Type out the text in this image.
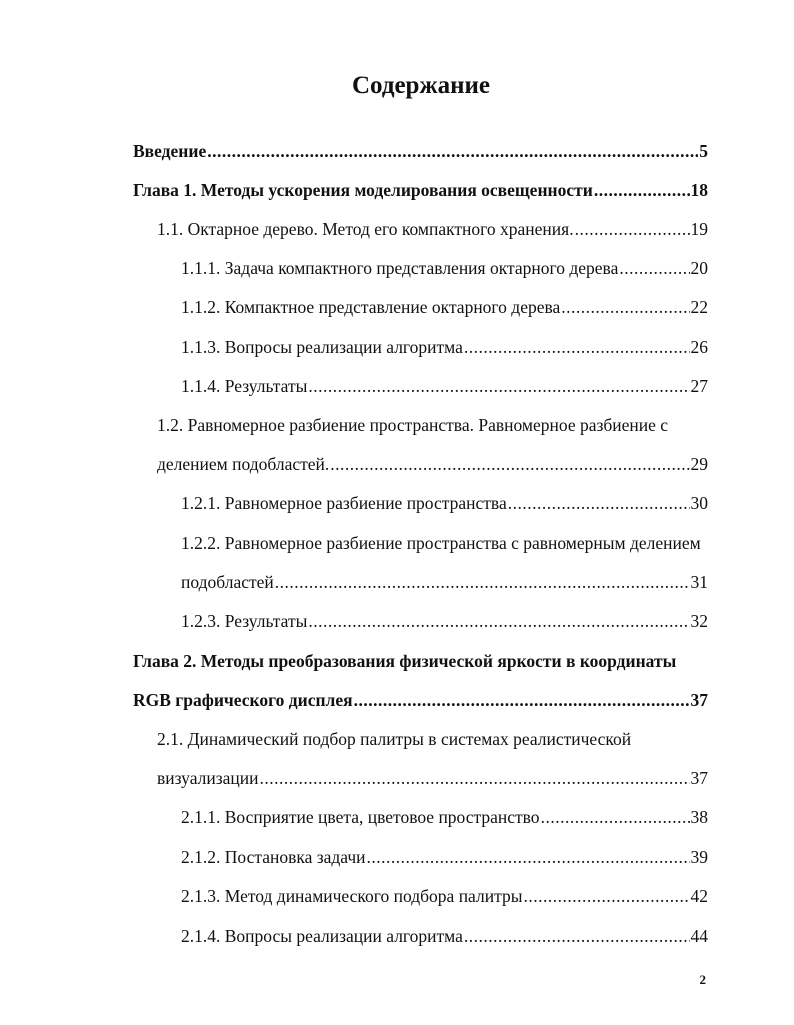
Содержание
Введение .....	5
Глава 1. Методы ускорения моделирования освещенности .....	18
1.1. Октарное дерево. Метод его компактного хранения. .....	19
1.1.1. Задача компактного представления октарного дерева .....	20
1.1.2. Компактное представление октарного дерева .....	22
1.1.3. Вопросы реализации алгоритма .....	26
1.1.4. Результаты .....	27
1.2. Равномерное разбиение пространства. Равномерное разбиение с
делением подобластей. .....	29
1.2.1. Равномерное разбиение пространства .....	30
1.2.2. Равномерное разбиение пространства с равномерным делением
подобластей .....	31
1.2.3. Результаты .....	32
Глава 2. Методы преобразования физической яркости в координаты
RGB графического дисплея .....	37
2.1. Динамический подбор палитры в системах реалистической
визуализации .....	37
2.1.1. Восприятие цвета, цветовое пространство .....	38
2.1.2. Постановка задачи .....	39
2.1.3. Метод динамического подбора палитры .....	42
2.1.4. Вопросы реализации алгоритма .....	44
2
